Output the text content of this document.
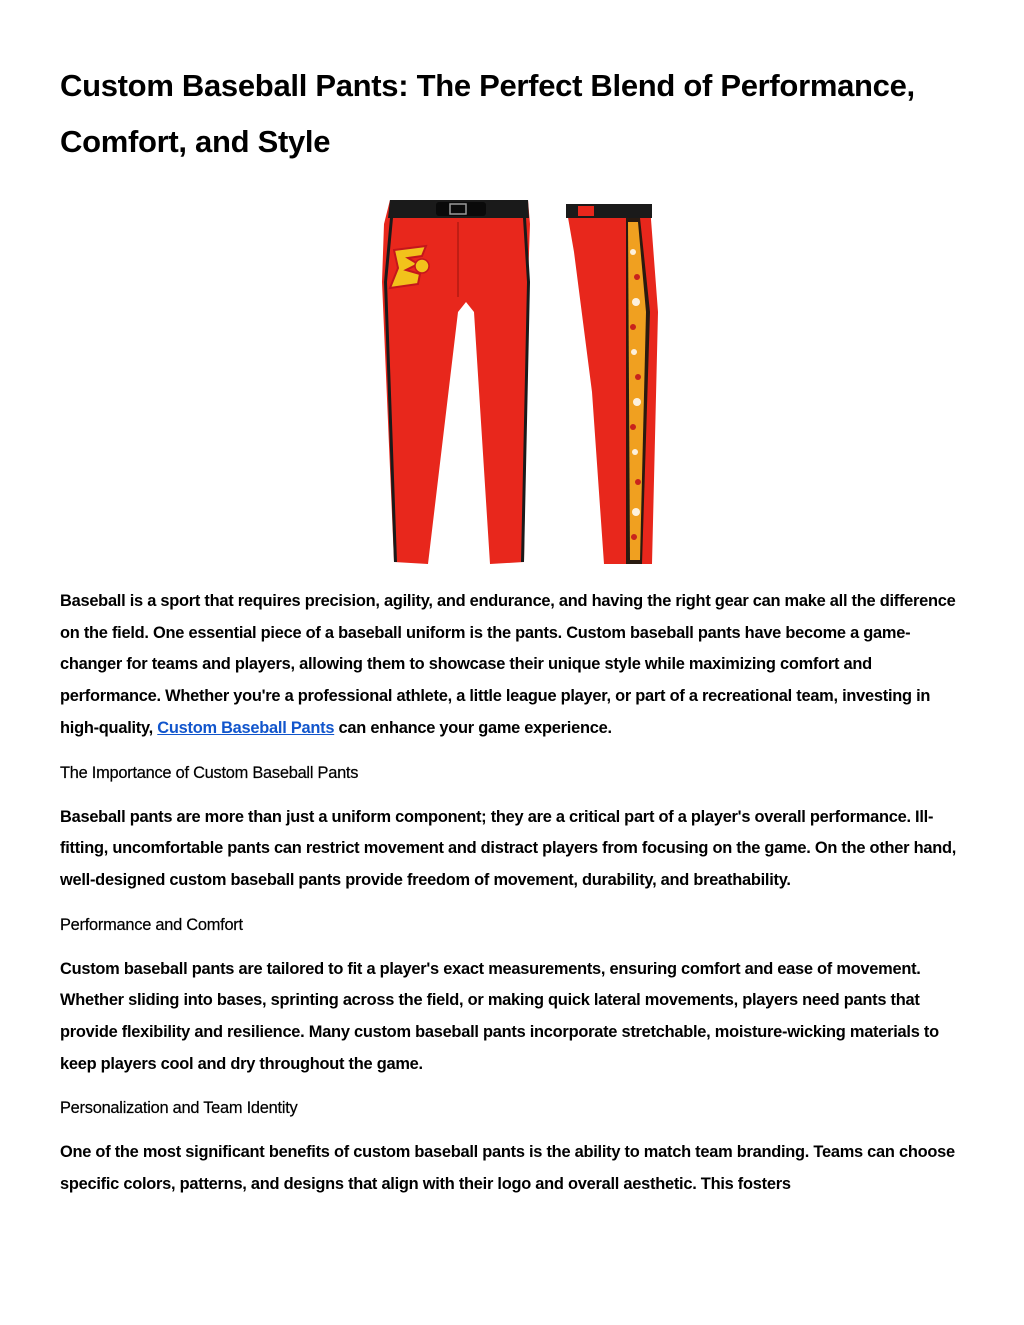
Custom Baseball Pants: The Perfect Blend of Performance, Comfort, and Style

Baseball is a sport that requires precision, agility, and endurance, and having the right gear can make all the difference on the field. One essential piece of a baseball uniform is the pants. Custom baseball pants have become a game-changer for teams and players, allowing them to showcase their unique style while maximizing comfort and performance. Whether you're a professional athlete, a little league player, or part of a recreational team, investing in high-quality, Custom Baseball Pants can enhance your game experience.

The Importance of Custom Baseball Pants

Baseball pants are more than just a uniform component; they are a critical part of a player's overall performance. Ill-fitting, uncomfortable pants can restrict movement and distract players from focusing on the game. On the other hand, well-designed custom baseball pants provide freedom of movement, durability, and breathability.

Performance and Comfort

Custom baseball pants are tailored to fit a player's exact measurements, ensuring comfort and ease of movement. Whether sliding into bases, sprinting across the field, or making quick lateral movements, players need pants that provide flexibility and resilience. Many custom baseball pants incorporate stretchable, moisture-wicking materials to keep players cool and dry throughout the game.

Personalization and Team Identity

One of the most significant benefits of custom baseball pants is the ability to match team branding. Teams can choose specific colors, patterns, and designs that align with their logo and overall aesthetic. This fosters
